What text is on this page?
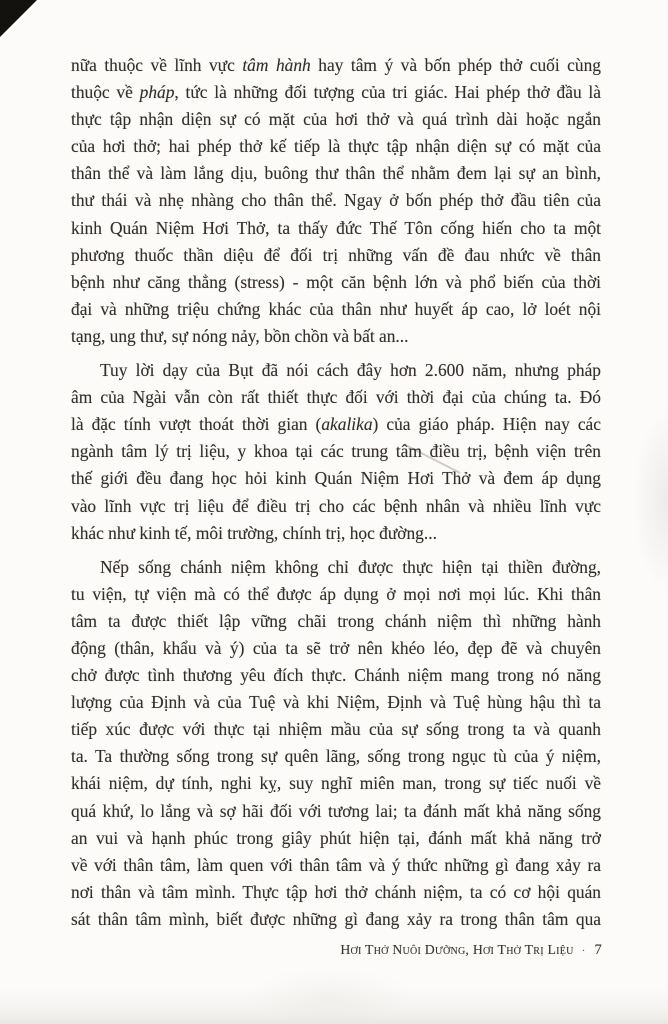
nữa thuộc về lĩnh vực tâm hành hay tâm ý và bốn phép thở cuối cùng
thuộc về pháp, tức là những đối tượng của tri giác. Hai phép thở đầu là
thực tập nhận diện sự có mặt của hơi thở và quá trình dài hoặc ngắn
của hơi thở; hai phép thở kế tiếp là thực tập nhận diện sự có mặt của
thân thể và làm lắng dịu, buông thư thân thể nhằm đem lại sự an bình,
thư thái và nhẹ nhàng cho thân thể. Ngay ở bốn phép thở đầu tiên của
kinh Quán Niệm Hơi Thở, ta thấy đức Thế Tôn cống hiến cho ta một
phương thuốc thần diệu để đối trị những vấn đề đau nhức về thân
bệnh như căng thẳng (stress) - một căn bệnh lớn và phổ biến của thời
đại và những triệu chứng khác của thân như huyết áp cao, lở loét nội
tạng, ung thư, sự nóng nảy, bồn chồn và bất an...
Tuy lời dạy của Bụt đã nói cách đây hơn 2.600 năm, nhưng pháp
âm của Ngài vẫn còn rất thiết thực đối với thời đại của chúng ta. Đó
là đặc tính vượt thoát thời gian (akalika) của giáo pháp. Hiện nay các
ngành tâm lý trị liệu, y khoa tại các trung tâm điều trị, bệnh viện trên
thế giới đều đang học hỏi kinh Quán Niệm Hơi Thở và đem áp dụng
vào lĩnh vực trị liệu để điều trị cho các bệnh nhân và nhiều lĩnh vực
khác như kinh tế, môi trường, chính trị, học đường...
Nếp sống chánh niệm không chỉ được thực hiện tại thiền đường,
tu viện, tự viện mà có thể được áp dụng ở mọi nơi mọi lúc. Khi thân
tâm ta được thiết lập vững chãi trong chánh niệm thì những hành
động (thân, khẩu và ý) của ta sẽ trở nên khéo léo, đẹp đẽ và chuyên
chở được tình thương yêu đích thực. Chánh niệm mang trong nó năng
lượng của Định và của Tuệ và khi Niệm, Định và Tuệ hùng hậu thì ta
tiếp xúc được với thực tại nhiệm mầu của sự sống trong ta và quanh
ta. Ta thường sống trong sự quên lãng, sống trong ngục tù của ý niệm,
khái niệm, dự tính, nghi kỵ, suy nghĩ miên man, trong sự tiếc nuối về
quá khứ, lo lắng và sợ hãi đối với tương lai; ta đánh mất khả năng sống
an vui và hạnh phúc trong giây phút hiện tại, đánh mất khả năng trở
về với thân tâm, làm quen với thân tâm và ý thức những gì đang xảy ra
nơi thân và tâm mình. Thực tập hơi thở chánh niệm, ta có cơ hội quán
sát thân tâm mình, biết được những gì đang xảy ra trong thân tâm qua
Hơi Thở Nuôi Dưỡng, Hơi Thở Trị Liệu · 7
